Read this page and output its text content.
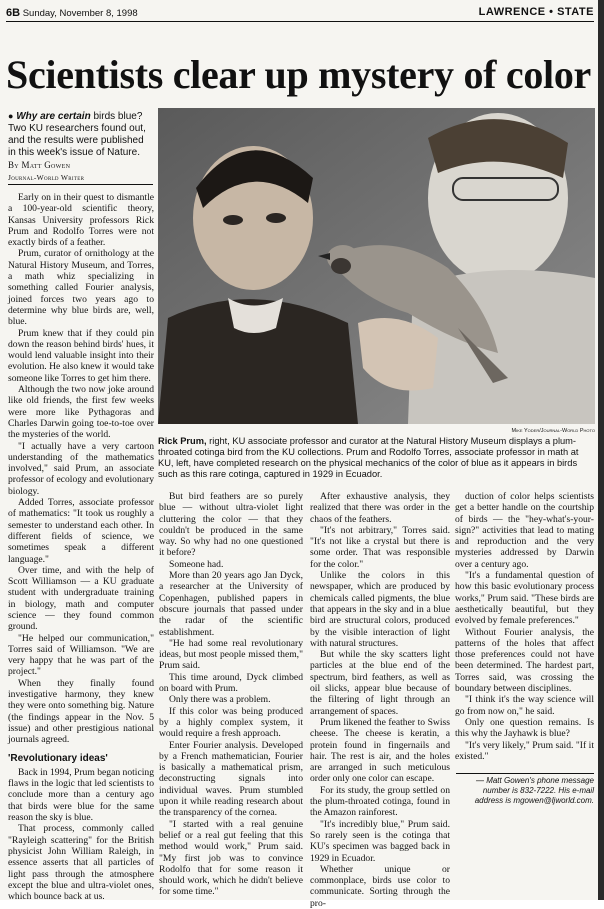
6B Sunday, November 8, 1998	LAWRENCE • STATE
Scientists clear up mystery of color
● Why are certain birds blue? Two KU researchers found out, and the results were published in this week's issue of Nature.
By Matt Gowen
Journal-World Writer

Early on in their quest to dismantle a 100-year-old scientific theory, Kansas University professors Rick Prum and Rodolfo Torres were not exactly birds of a feather.

Prum, curator of ornithology at the Natural History Museum, and Torres, a math whiz specializing in something called Fourier analysis, joined forces two years ago to determine why blue birds are, well, blue.

Prum knew that if they could pin down the reason behind birds' hues, it would lend valuable insight into their evolution. He also knew it would take someone like Torres to get him there.

Although the two now joke around like old friends, the first few weeks were more like Pythagoras and Charles Darwin going toe-to-toe over the mysteries of the world.

"I actually have a very cartoon understanding of the mathematics involved," said Prum, an associate professor of ecology and evolutionary biology.

Added Torres, associate professor of mathematics: "It took us roughly a semester to understand each other. In different fields of science, we sometimes speak a different language."

Over time, and with the help of Scott Williamson — a KU graduate student with undergraduate training in biology, math and computer science — they found common ground.

"He helped our communication," Torres said of Williamson. "We are very happy that he was part of the project."

When they finally found investigative harmony, they knew they were onto something big. Nature (the findings appear in the Nov. 5 issue) and other prestigious national journals agreed.

'Revolutionary ideas'

Back in 1994, Prum began noticing flaws in the logic that led scientists to conclude more than a century ago that birds were blue for the same reason the sky is blue.

That process, commonly called "Rayleigh scattering" for the British physicist John William Raleigh, in essence asserts that all particles of light pass through the atmosphere except the blue and ultra-violet ones, which bounce back at us.

Mike Yoder/Journal-World Photo
Rick Prum, right, KU associate professor and curator at the Natural History Museum displays a plum-throated cotinga bird from the KU collections. Prum and Rodolfo Torres, associate professor in math at KU, left, have completed research on the physical mechanics of the color of blue as it appears in birds such as this rare cotinga, captured in 1929 in Ecuador.

But bird feathers are so purely blue — without ultra-violet light cluttering the color — that they couldn't be produced in the same way. So why had no one questioned it before?

Someone had.

More than 20 years ago Jan Dyck, a researcher at the University of Copenhagen, published papers in obscure journals that passed under the radar of the scientific establishment.

"He had some real revolutionary ideas, but most people missed them," Prum said.

This time around, Dyck climbed on board with Prum.

Only there was a problem.

If this color was being produced by a highly complex system, it would require a fresh approach.

Enter Fourier analysis. Developed by a French mathematician, Fourier is basically a mathematical prism, deconstructing signals into individual waves. Prum stumbled upon it while reading research about the transparency of the cornea.

"I started with a real genuine belief or a real gut feeling that this method would work," Prum said. "My first job was to convince Rodolfo that for some reason it should work, which he didn't believe for some time."

After exhaustive analysis, they realized that there was order in the chaos of the feathers.

"It's not arbitrary," Torres said. "It's not like a crystal but there is some order. That was responsible for the color."

Unlike the colors in this newspaper, which are produced by chemicals called pigments, the blue that appears in the sky and in a blue bird are structural colors, produced by the visible interaction of light with natural structures.

But while the sky scatters light particles at the blue end of the spectrum, bird feathers, as well as oil slicks, appear blue because of the filtering of light through an arrangement of spaces.

Prum likened the feather to Swiss cheese. The cheese is keratin, a protein found in fingernails and hair. The rest is air, and the holes are arranged in such meticulous order only one color can escape.

For its study, the group settled on the plum-throated cotinga, found in the Amazon rainforest.

"It's incredibly blue," Prum said. So rarely seen is the cotinga that KU's specimen was bagged back in 1929 in Ecuador.

Whether unique or commonplace, birds use color to communicate. Sorting through the pro-

duction of color helps scientists get a better handle on the courtship of birds — the "hey-what's-your-sign?" activities that lead to mating and reproduction and the very mysteries addressed by Darwin over a century ago.

"It's a fundamental question of how this basic evolutionary process works," Prum said. "These birds are aesthetically beautiful, but they evolved by female preferences."

Without Fourier analysis, the patterns of the holes that affect those preferences could not have been determined. The hardest part, Torres said, was crossing the boundary between disciplines.

"I think it's the way science will go from now on," he said.

Only one question remains. Is this why the Jayhawk is blue?

"It's very likely," Prum said. "If it existed."

— Matt Gowen's phone message number is 832-7222. His e-mail address is mgowen@ljworld.com.
